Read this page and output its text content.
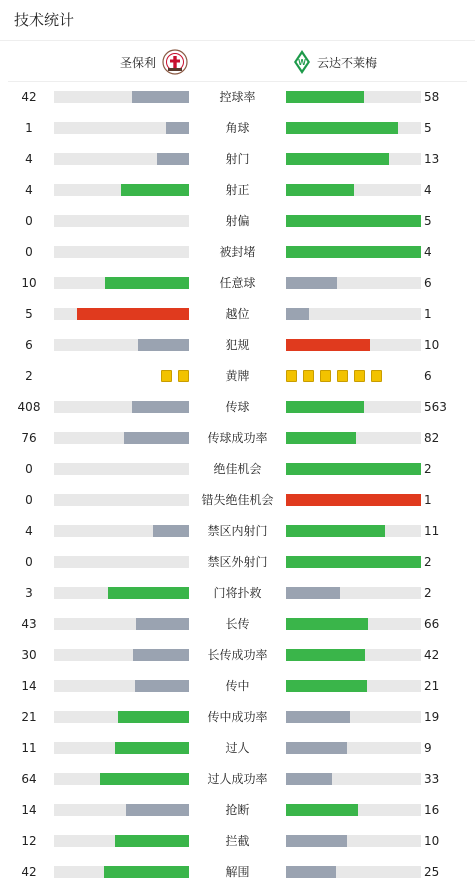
技术统计
圣保利	W 云达不莱梅
42	控球率	58
1	角球	5
4	射门	13
4	射正	4
0	射偏	5
0	被封堵	4
10	任意球	6
5	越位	1
6	犯规	10
2	黄牌	6
408	传球	563
76	传球成功率	82
0	绝佳机会	2
0	错失绝佳机会	1
4	禁区内射门	11
0	禁区外射门	2
3	门将扑救	2
43	长传	66
30	长传成功率	42
14	传中	21
21	传中成功率	19
11	过人	9
64	过人成功率	33
14	抢断	16
12	拦截	10
42	解围	25
